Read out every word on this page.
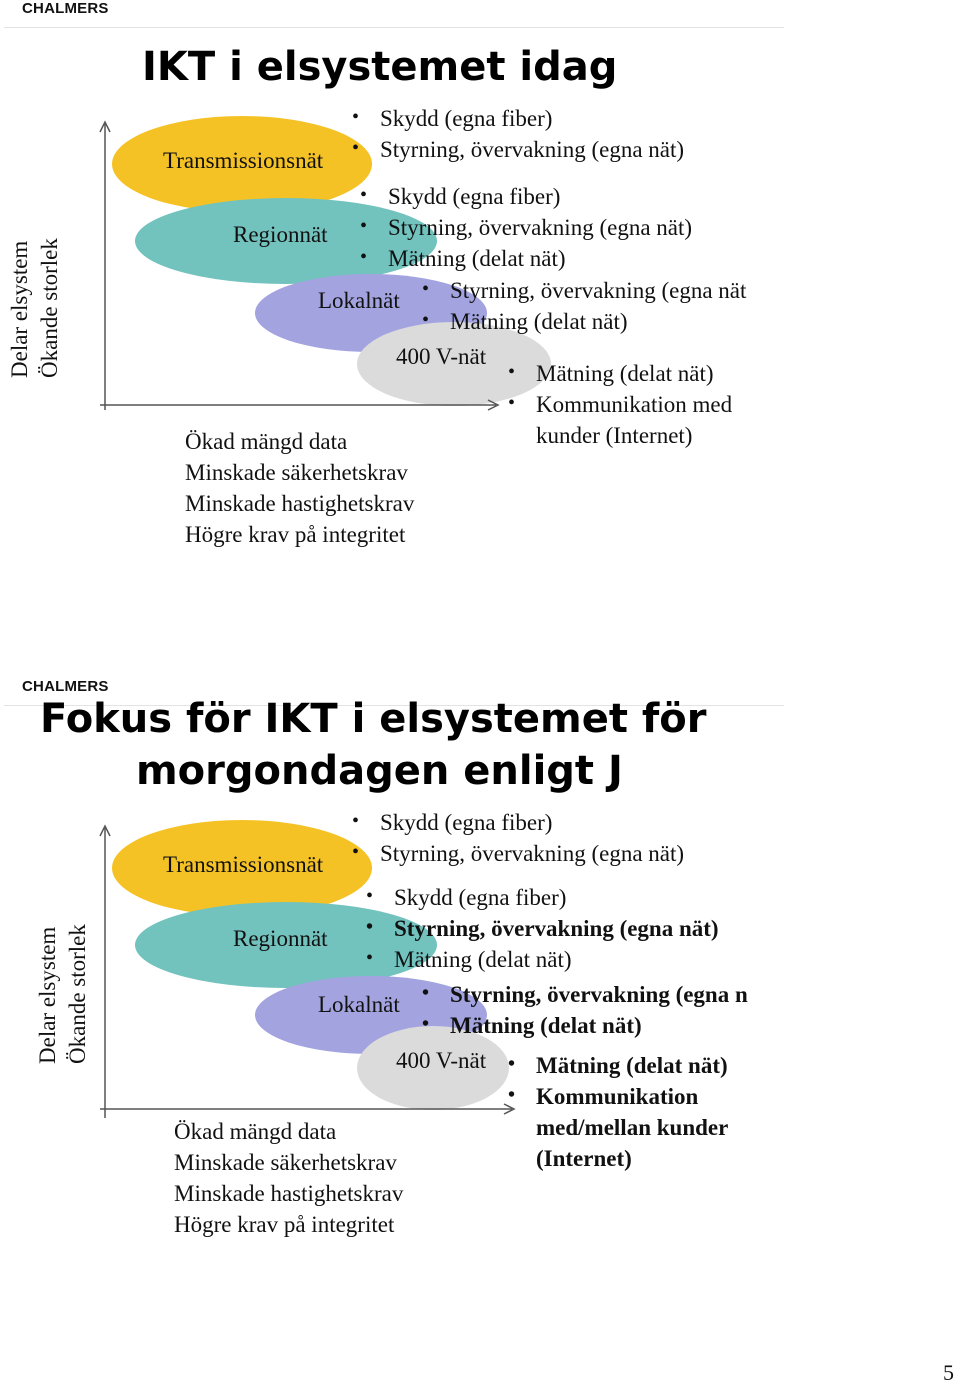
CHALMERS
IKT i elsystemet idag
Delar elsystem Ökande storlek
Transmissionsnät
Regionnät
Lokalnät
400 V-nät
• Skydd (egna fiber)
• Styrning, övervakning (egna nät)
• Skydd (egna fiber)
• Styrning, övervakning (egna nät)
• Mätning (delat nät)
• Styrning, övervakning (egna nät
• Mätning (delat nät)
• Mätning (delat nät)
• Kommunikation med
kunder (Internet)
Ökad mängd data
Minskade säkerhetskrav
Minskade hastighetskrav
Högre krav på integritet
CHALMERS
Fokus för IKT i elsystemet för
morgondagen enligt J
Delar elsystem Ökande storlek
Transmissionsnät
Regionnät
Lokalnät
400 V-nät
• Skydd (egna fiber)
• Styrning, övervakning (egna nät)
• Skydd (egna fiber)
• Styrning, övervakning (egna nät)
• Mätning (delat nät)
• Styrning, övervakning (egna n
• Mätning (delat nät)
• Mätning (delat nät)
• Kommunikation
med/mellan kunder
(Internet)
Ökad mängd data
Minskade säkerhetskrav
Minskade hastighetskrav
Högre krav på integritet
5
